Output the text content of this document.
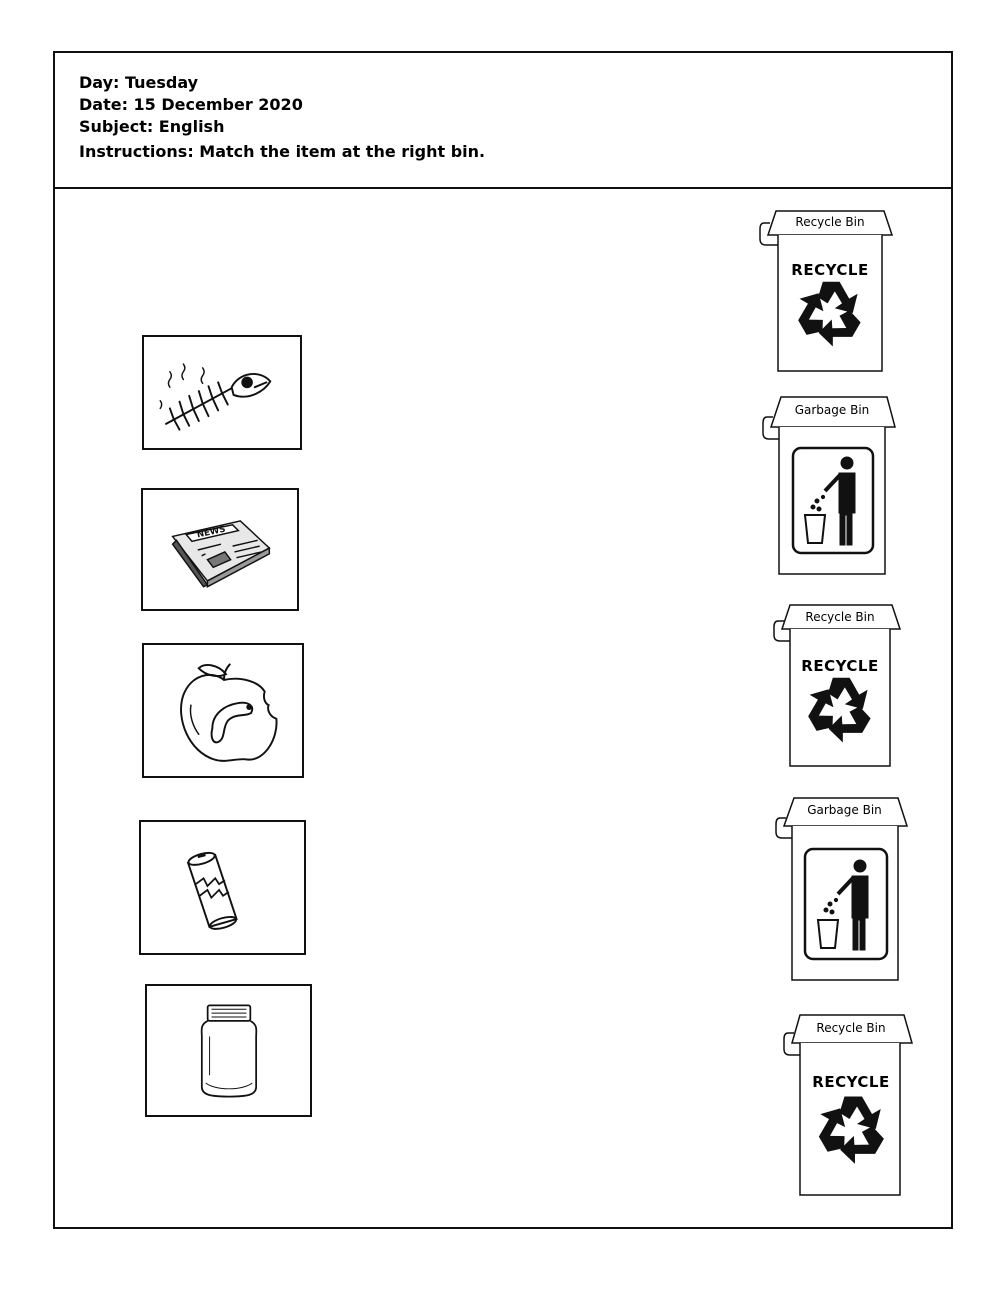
Day: Tuesday
Date: 15 December 2020
Subject: English
Instructions: Match the item at the right bin.
NEWS
Recycle Bin
RECYCLE
Garbage Bin
Recycle Bin
RECYCLE
Garbage Bin
Recycle Bin
RECYCLE
